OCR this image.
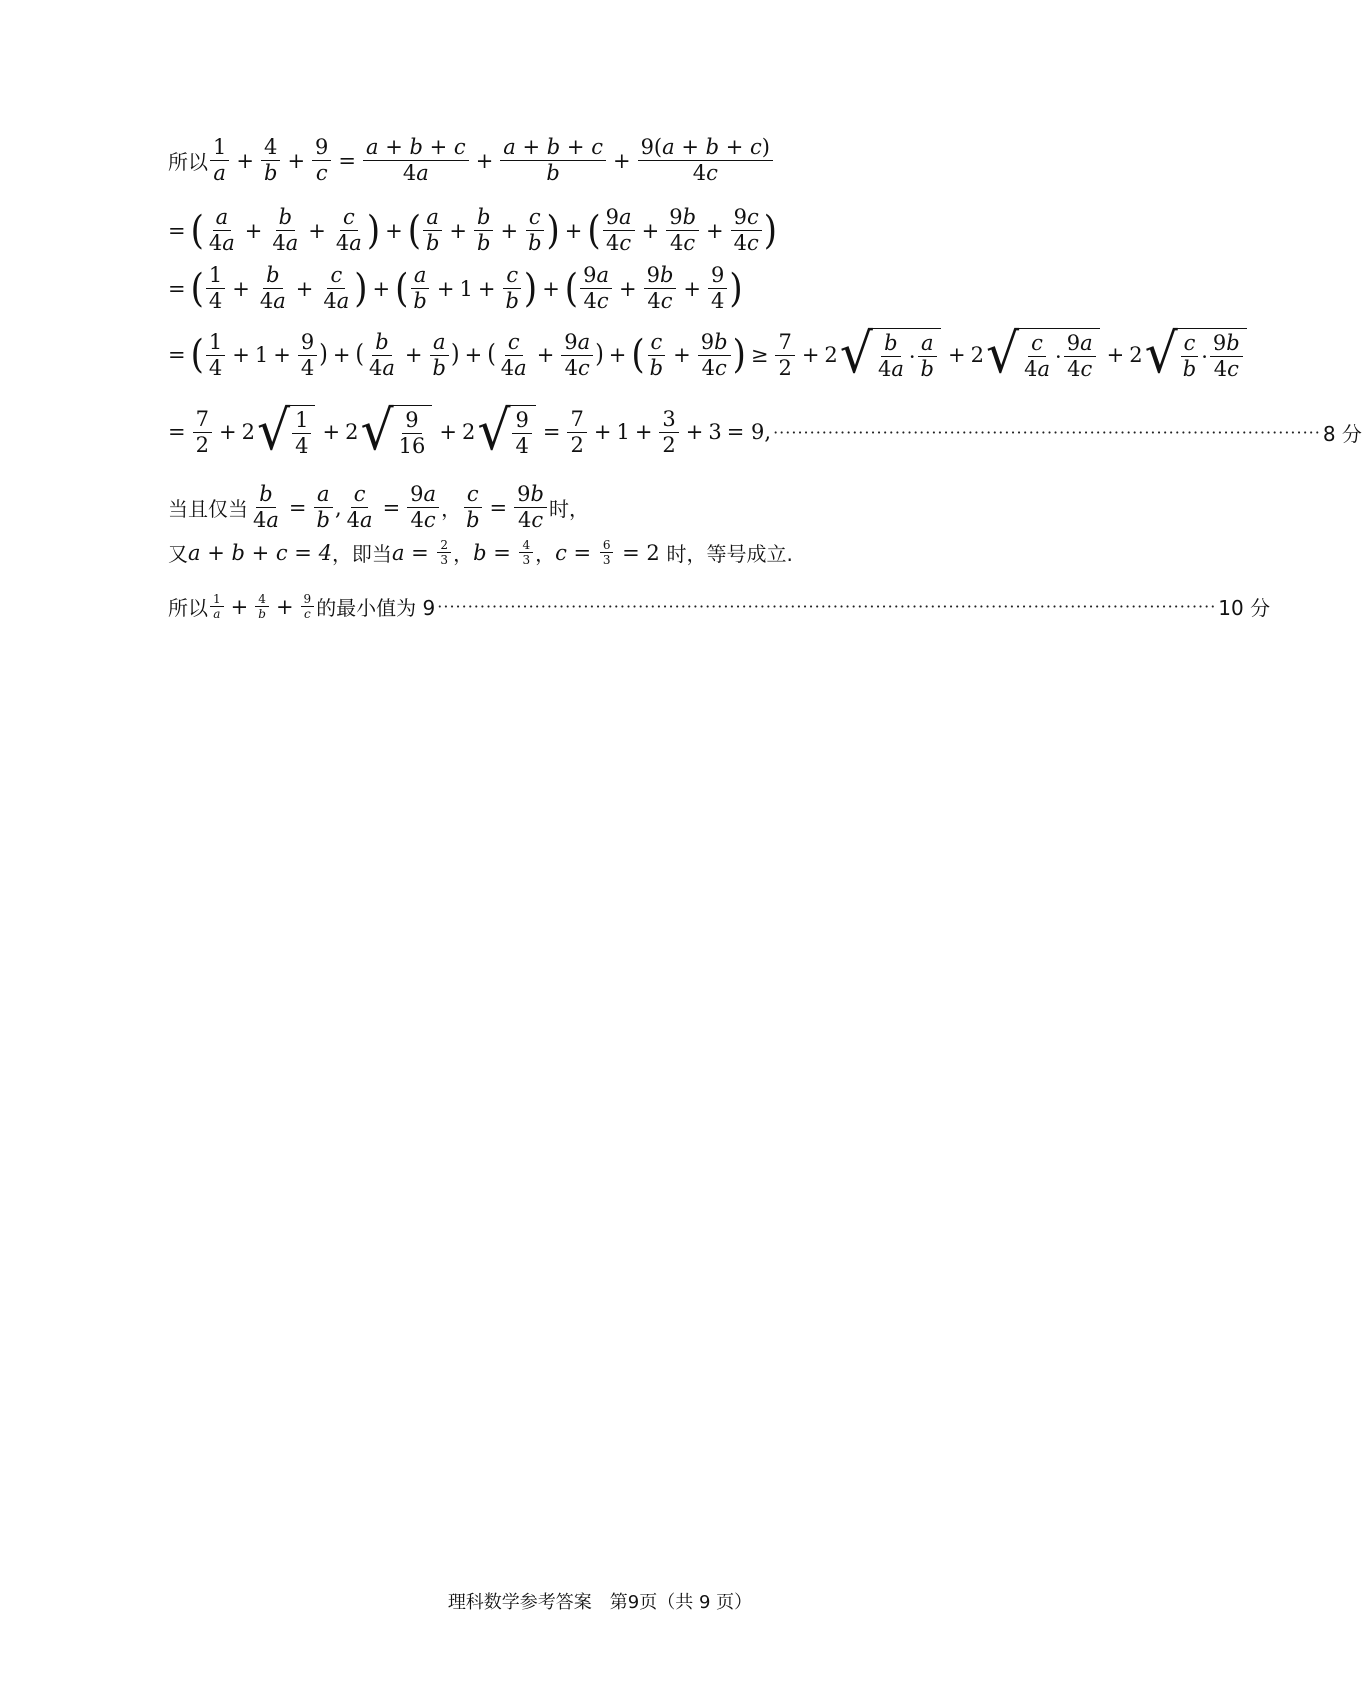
所以 $\frac{1}{a} + \frac{4}{b} + \frac{9}{c} = \frac{a + b + c}{4a} + \frac{a + b + c}{b} + \frac{9(a + b + c)}{4c}$
= ( $\frac{a}{4a} + \frac{b}{4a} + \frac{c}{4a}$ ) + ( $\frac{a}{b} + \frac{b}{b} + \frac{c}{b}$ ) + ( $\frac{9a}{4c} + \frac{9b}{4c} + \frac{9c}{4c}$ )
= ( $\frac{1}{4} + \frac{b}{4a} + \frac{c}{4a}$ ) + ( $\frac{a}{b} + 1 + \frac{c}{b}$ ) + ( $\frac{9a}{4c} + \frac{9b}{4c} + \frac{9}{4}$ )
= ( $\frac{1}{4} + 1 + \frac{9}{4}$ ) + ( $\frac{b}{4a} + \frac{a}{b}$ ) + ( $\frac{c}{4a} + \frac{9a}{4c}$ ) + ( $\frac{c}{b} + \frac{9b}{4c}$ ) ≥ $\frac{7}{2} + 2$ √ $\frac{b}{4a} \cdot \frac{a}{b} + 2$ √ $\frac{c}{4a} \cdot \frac{9a}{4c} + 2$ √ $\frac{c}{b} \cdot \frac{9b}{4c}$
= $\frac{7}{2} + 2$ √ $\frac{1}{4} + 2$ √ $\frac{9}{16} + 2$ √ $\frac{9}{4} = \frac{7}{2} + 1 + \frac{3}{2} + 3 = 9$, ·························································································· 8 分
当且仅当 $\frac{b}{4a} = \frac{a}{b}$ , $\frac{c}{4a} = \frac{9a}{4c}$ ， $\frac{c}{b} = \frac{9b}{4c}$ 时，
又 a + b + c = 4 ，即当 $a = \frac{2}{3}$ ， $b = \frac{4}{3}$ ， $c = \frac{6}{3} = 2$ 时，等号成立.
所以 $\frac{1}{a} + \frac{4}{b} + \frac{9}{c}$ 的最小值为 9 ································································································································ 10 分
理科数学参考答案　第9页（共 9 页）
